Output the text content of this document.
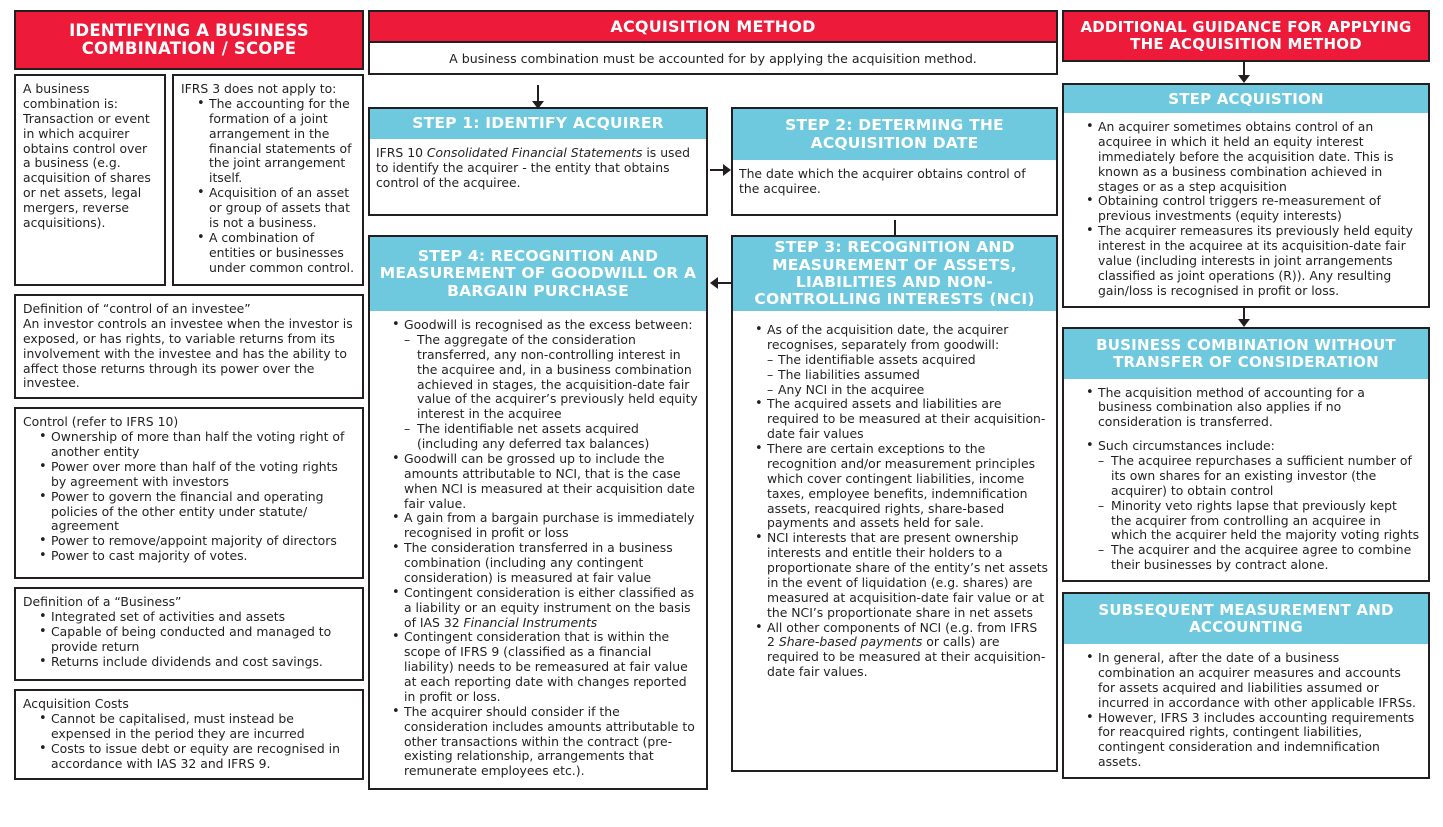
IDENTIFYING A BUSINESS COMBINATION / SCOPE
A business combination is: Transaction or event in which acquirer obtains control over a business (e.g. acquisition of shares or net assets, legal mergers, reverse acquisitions).
IFRS 3 does not apply to:
• The accounting for the formation of a joint arrangement in the financial statements of the joint arrangement itself.
• Acquisition of an asset or group of assets that is not a business.
• A combination of entities or businesses under common control.
Definition of “control of an investee”
An investor controls an investee when the investor is exposed, or has rights, to variable returns from its involvement with the investee and has the ability to affect those returns through its power over the investee.
Control (refer to IFRS 10)
• Ownership of more than half the voting right of another entity
• Power over more than half of the voting rights by agreement with investors
• Power to govern the financial and operating policies of the other entity under statute/ agreement
• Power to remove/appoint majority of directors
• Power to cast majority of votes.
Definition of a “Business”
• Integrated set of activities and assets
• Capable of being conducted and managed to provide return
• Returns include dividends and cost savings.
Acquisition Costs
• Cannot be capitalised, must instead be expensed in the period they are incurred
• Costs to issue debt or equity are recognised in accordance with IAS 32 and IFRS 9.
ACQUISITION METHOD
A business combination must be accounted for by applying the acquisition method.
STEP 1: IDENTIFY ACQUIRER
IFRS 10 Consolidated Financial Statements is used to identify the acquirer - the entity that obtains control of the acquiree.
STEP 2: DETERMING THE ACQUISITION DATE
The date which the acquirer obtains control of the acquiree.
STEP 4: RECOGNITION AND MEASUREMENT OF GOODWILL OR A BARGAIN PURCHASE
• Goodwill is recognised as the excess between:
– The aggregate of the consideration transferred, any non-controlling interest in the acquiree and, in a business combination achieved in stages, the acquisition-date fair value of the acquirer’s previously held equity interest in the acquiree
– The identifiable net assets acquired (including any deferred tax balances)
• Goodwill can be grossed up to include the amounts attributable to NCI, that is the case when NCI is measured at their acquisition date fair value.
• A gain from a bargain purchase is immediately recognised in profit or loss
• The consideration transferred in a business combination (including any contingent consideration) is measured at fair value
• Contingent consideration is either classified as a liability or an equity instrument on the basis of IAS 32 Financial Instruments
• Contingent consideration that is within the scope of IFRS 9 (classified as a financial liability) needs to be remeasured at fair value at each reporting date with changes reported in profit or loss.
• The acquirer should consider if the consideration includes amounts attributable to other transactions within the contract (pre-existing relationship, arrangements that remunerate employees etc.).
STEP 3: RECOGNITION AND MEASUREMENT OF ASSETS, LIABILITIES AND NON-CONTROLLING INTERESTS (NCI)
• As of the acquisition date, the acquirer recognises, separately from goodwill:
– The identifiable assets acquired
– The liabilities assumed
– Any NCI in the acquiree
• The acquired assets and liabilities are required to be measured at their acquisition-date fair values
• There are certain exceptions to the recognition and/or measurement principles which cover contingent liabilities, income taxes, employee benefits, indemnification assets, reacquired rights, share-based payments and assets held for sale.
• NCI interests that are present ownership interests and entitle their holders to a proportionate share of the entity’s net assets in the event of liquidation (e.g. shares) are measured at acquisition-date fair value or at the NCI’s proportionate share in net assets
• All other components of NCI (e.g. from IFRS 2 Share-based payments or calls) are required to be measured at their acquisition-date fair values.
ADDITIONAL GUIDANCE FOR APPLYING THE ACQUISITION METHOD
STEP ACQUISTION
• An acquirer sometimes obtains control of an acquiree in which it held an equity interest immediately before the acquisition date. This is known as a business combination achieved in stages or as a step acquisition
• Obtaining control triggers re-measurement of previous investments (equity interests)
• The acquirer remeasures its previously held equity interest in the acquiree at its acquisition-date fair value (including interests in joint arrangements classified as joint operations (R)). Any resulting gain/loss is recognised in profit or loss.
BUSINESS COMBINATION WITHOUT TRANSFER OF CONSIDERATION
• The acquisition method of accounting for a business combination also applies if no consideration is transferred.
• Such circumstances include:
– The acquiree repurchases a sufficient number of its own shares for an existing investor (the acquirer) to obtain control
– Minority veto rights lapse that previously kept the acquirer from controlling an acquiree in which the acquirer held the majority voting rights
– The acquirer and the acquiree agree to combine their businesses by contract alone.
SUBSEQUENT MEASUREMENT AND ACCOUNTING
• In general, after the date of a business combination an acquirer measures and accounts for assets acquired and liabilities assumed or incurred in accordance with other applicable IFRSs.
• However, IFRS 3 includes accounting requirements for reacquired rights, contingent liabilities, contingent consideration and indemnification assets.
